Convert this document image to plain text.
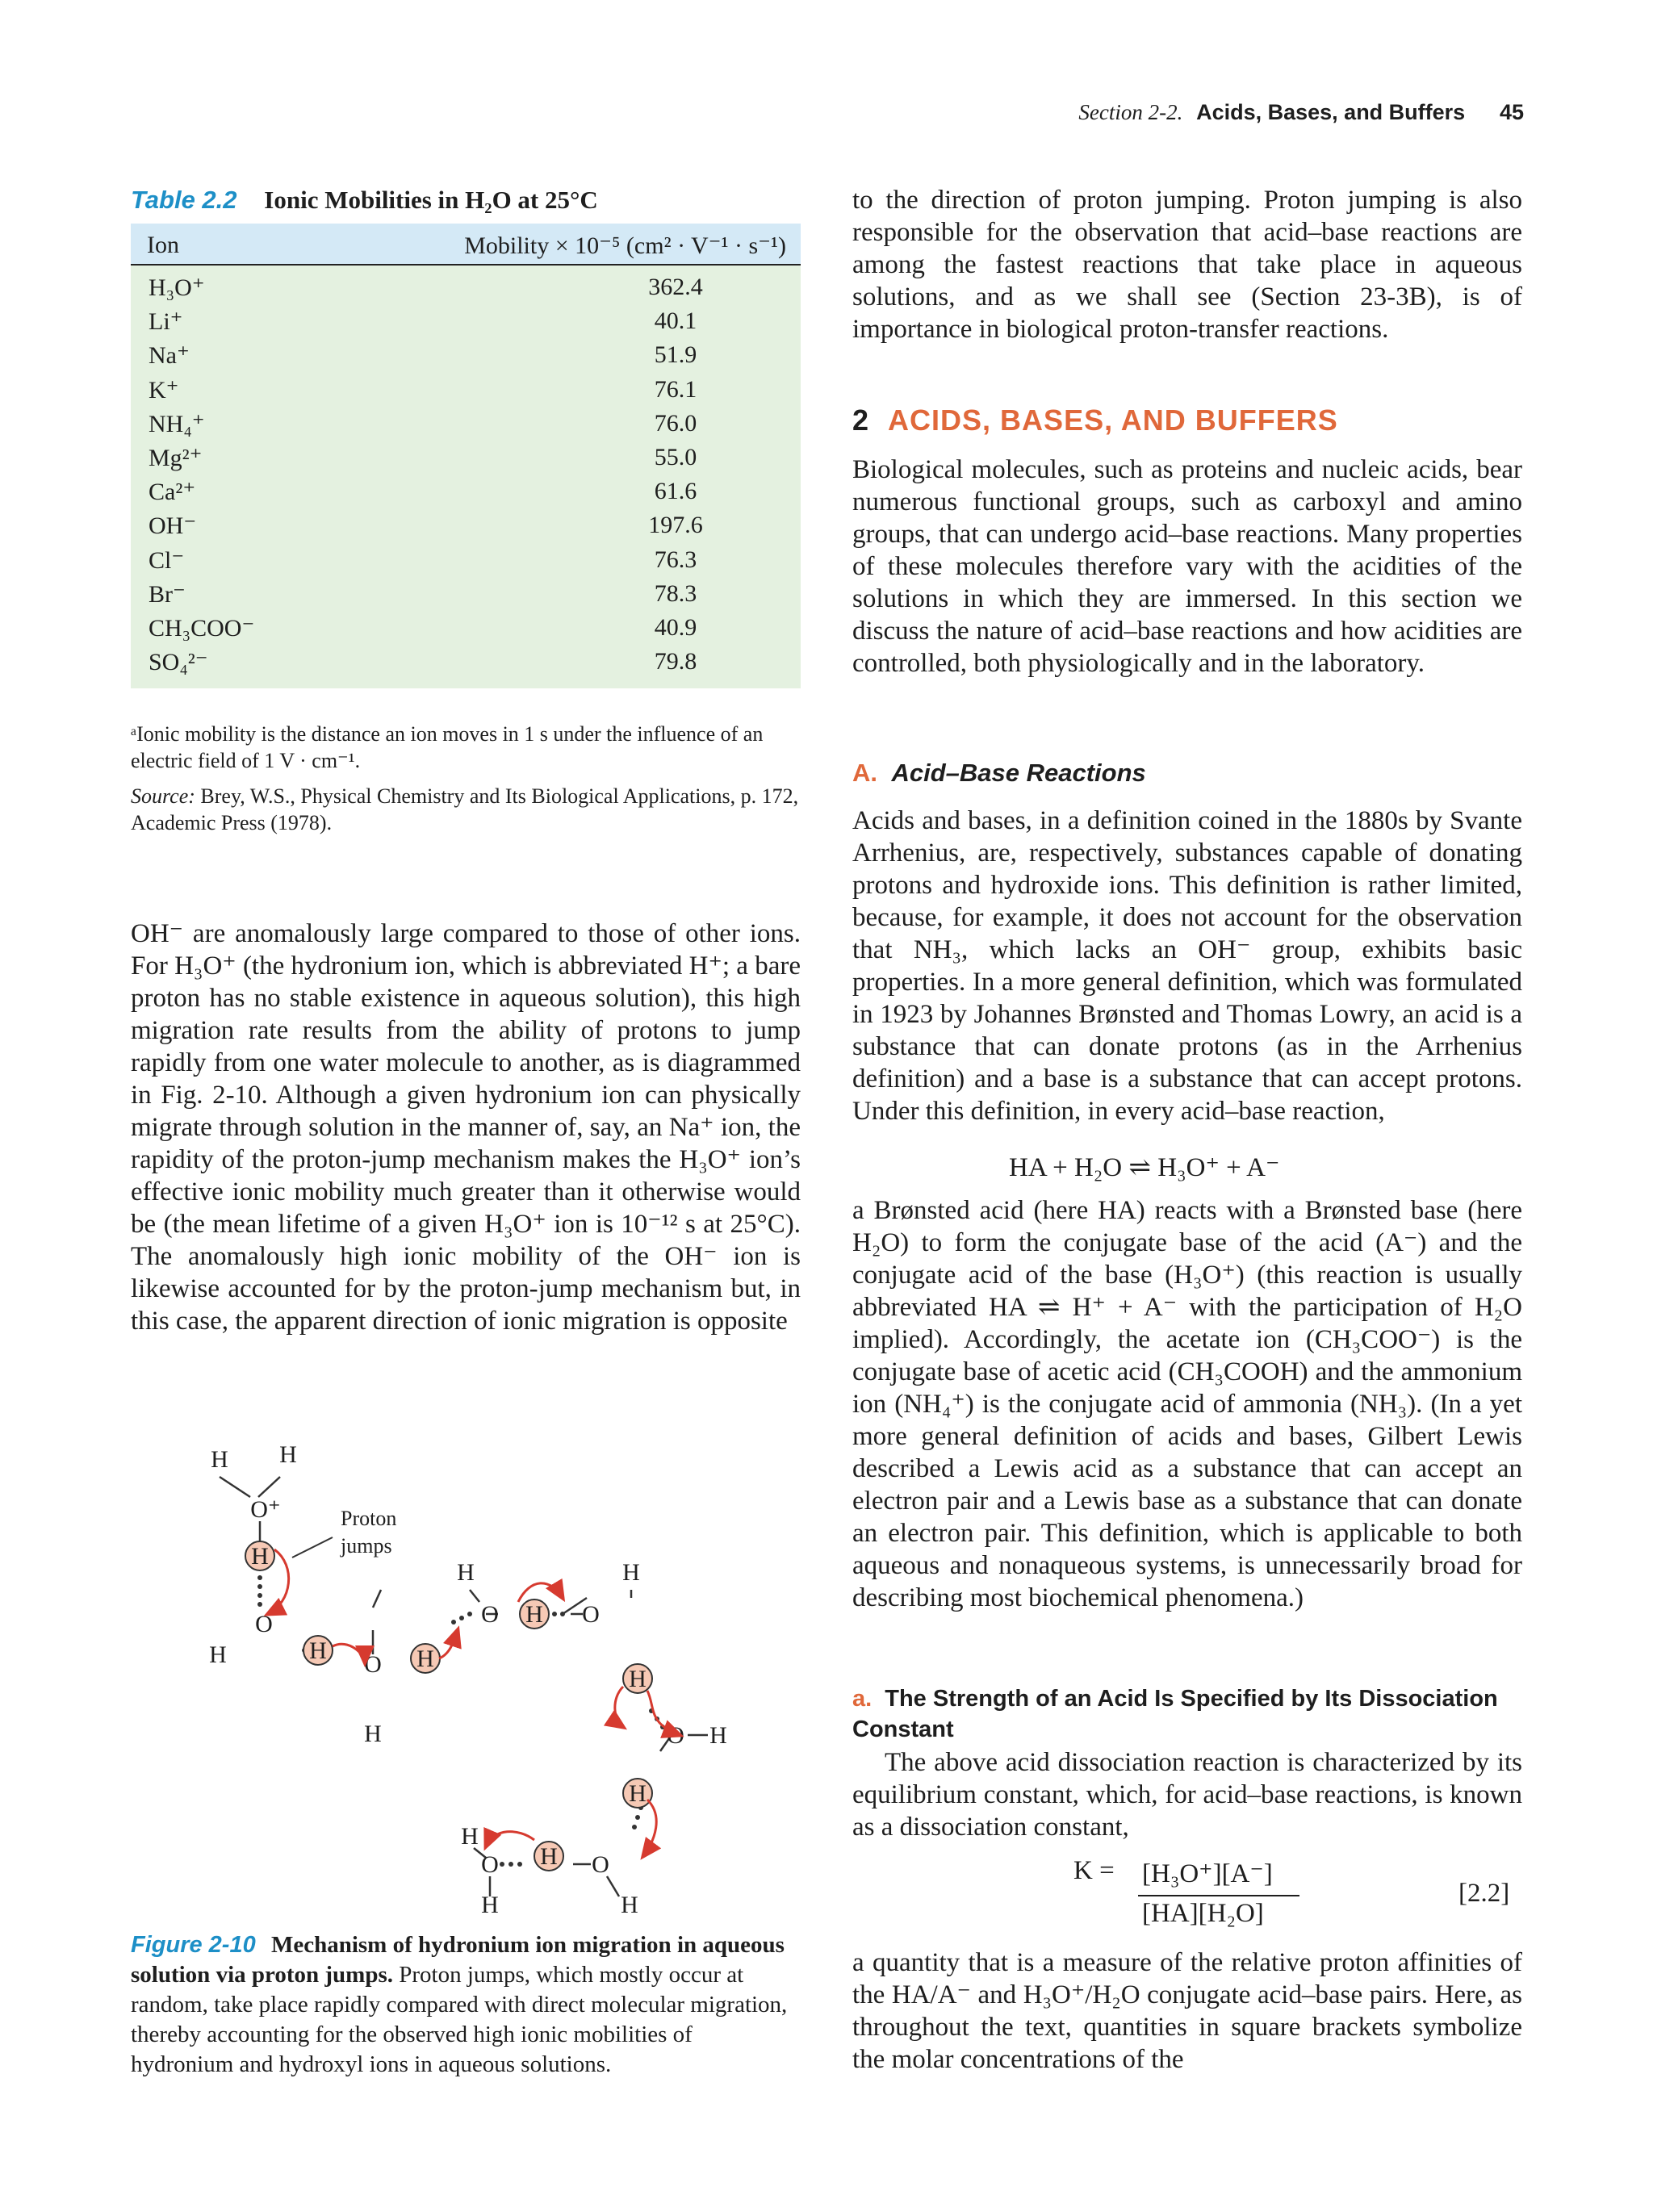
Section 2-2. Acids, Bases, and Buffers 45
Table 2.2 Ionic Mobilities in H₂O at 25°C
Ion	Mobility × 10⁻⁵ (cm² · V⁻¹ · s⁻¹)
H₃O⁺	362.4
Li⁺	40.1
Na⁺	51.9
K⁺	76.1
NH₄⁺	76.0
Mg²⁺	55.0
Ca²⁺	61.6
OH⁻	197.6
Cl⁻	76.3
Br⁻	78.3
CH₃COO⁻	40.9
SO₄²⁻	79.8
ᵃIonic mobility is the distance an ion moves in 1 s under the influence of an electric field of 1 V · cm⁻¹.
Source: Brey, W.S., Physical Chemistry and Its Biological Applications, p. 172, Academic Press (1978).
OH⁻ are anomalously large compared to those of other ions. For H₃O⁺ (the hydronium ion, which is abbreviated H⁺; a bare proton has no stable existence in aqueous solution), this high migration rate results from the ability of protons to jump rapidly from one water molecule to another, as is diagrammed in Fig. 2-10. Although a given hydronium ion can physically migrate through solution in the manner of, say, an Na⁺ ion, the rapidity of the proton-jump mechanism makes the H₃O⁺ ion’s effective ionic mobility much greater than it otherwise would be (the mean lifetime of a given H₃O⁺ ion is 10⁻¹² s at 25°C). The anomalously high ionic mobility of the OH⁻ ion is likewise accounted for by the proton-jump mechanism but, in this case, the apparent direction of ionic migration is opposite
H H
O⁺
H
O
H	H
O
H
H
H
O H O
H
H
O H
H
H
O H O
H	H
Proton jumps
Figure 2-10 Mechanism of hydronium ion migration in aqueous solution via proton jumps. Proton jumps, which mostly occur at random, take place rapidly compared with direct molecular migration, thereby accounting for the observed high ionic mobilities of hydronium and hydroxyl ions in aqueous solutions.
to the direction of proton jumping. Proton jumping is also responsible for the observation that acid–base reactions are among the fastest reactions that take place in aqueous solutions, and as we shall see (Section 23-3B), is of importance in biological proton-transfer reactions.
2 ACIDS, BASES, AND BUFFERS
Biological molecules, such as proteins and nucleic acids, bear numerous functional groups, such as carboxyl and amino groups, that can undergo acid–base reactions. Many properties of these molecules therefore vary with the acidities of the solutions in which they are immersed. In this section we discuss the nature of acid–base reactions and how acidities are controlled, both physiologically and in the laboratory.
A. Acid–Base Reactions
Acids and bases, in a definition coined in the 1880s by Svante Arrhenius, are, respectively, substances capable of donating protons and hydroxide ions. This definition is rather limited, because, for example, it does not account for the observation that NH₃, which lacks an OH⁻ group, exhibits basic properties. In a more general definition, which was formulated in 1923 by Johannes Brønsted and Thomas Lowry, an acid is a substance that can donate protons (as in the Arrhenius definition) and a base is a substance that can accept protons. Under this definition, in every acid–base reaction,
HA + H₂O ⇌ H₃O⁺ + A⁻
a Brønsted acid (here HA) reacts with a Brønsted base (here H₂O) to form the conjugate base of the acid (A⁻) and the conjugate acid of the base (H₃O⁺) (this reaction is usually abbreviated HA ⇌ H⁺ + A⁻ with the participation of H₂O implied). Accordingly, the acetate ion (CH₃COO⁻) is the conjugate base of acetic acid (CH₃COOH) and the ammonium ion (NH₄⁺) is the conjugate acid of ammonia (NH₃). (In a yet more general definition of acids and bases, Gilbert Lewis described a Lewis acid as a substance that can accept an electron pair and a Lewis base as a substance that can donate an electron pair. This definition, which is applicable to both aqueous and nonaqueous systems, is unnecessarily broad for describing most biochemical phenomena.)
a. The Strength of an Acid Is Specified by Its Dissociation Constant
The above acid dissociation reaction is characterized by its equilibrium constant, which, for acid–base reactions, is known as a dissociation constant,
K = [H₃O⁺][A⁻]
[HA][H₂O]
[2.2]
a quantity that is a measure of the relative proton affinities of the HA/A⁻ and H₃O⁺/H₂O conjugate acid–base pairs. Here, as throughout the text, quantities in square brackets symbolize the molar concentrations of the
